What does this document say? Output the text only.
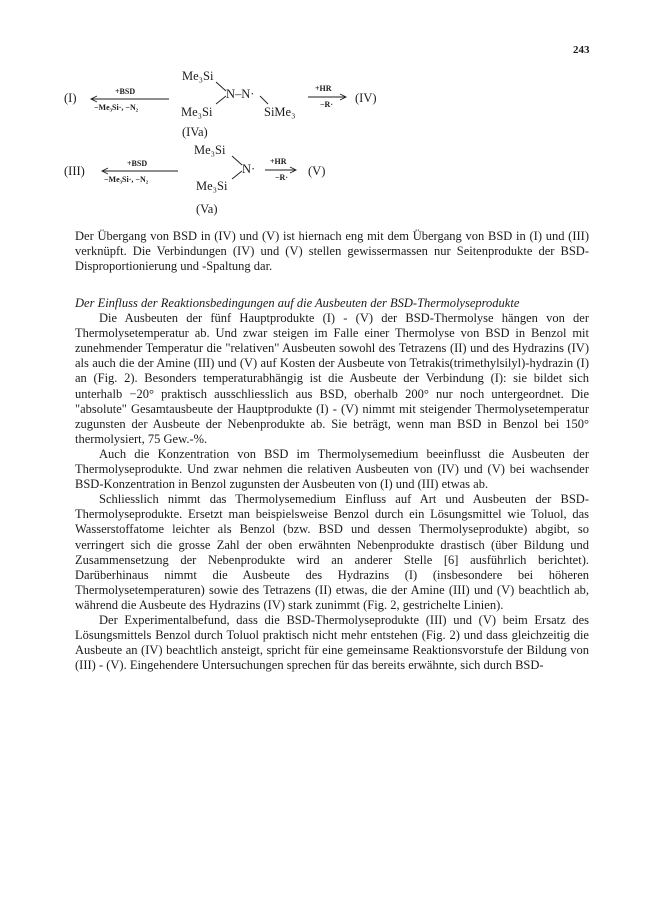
243
(I)	+BSD
−Me₃Si·, −N₂
Me₃Si
N–N·
Me₃Si	SiMe₃
(IVa)
+HR
−R· (IV)
(III)
+BSD
−Me₃Si·, −N₂
Me₃Si
N·
Me₃Si
(Va)
+HR
−R· (V)

Der Übergang von BSD in (IV) und (V) ist hiernach eng mit dem Übergang von BSD in (I) und (III) verknüpft. Die Verbindungen (IV) und (V) stellen gewissermassen nur Seitenprodukte der BSD-Disproportionierung und -Spaltung dar.

Der Einfluss der Reaktionsbedingungen auf die Ausbeuten der BSD-Thermolyseprodukte

Die Ausbeuten der fünf Hauptprodukte (I) - (V) der BSD-Thermolyse hängen von der Thermolysetemperatur ab. Und zwar steigen im Falle einer Thermolyse von BSD in Benzol mit zunehmender Temperatur die "relativen" Ausbeuten sowohl des Tetrazens (II) und des Hydrazins (IV) als auch die der Amine (III) und (V) auf Kosten der Ausbeute von Tetrakis(trimethylsilyl)-hydrazin (I) an (Fig. 2). Besonders temperaturabhängig ist die Ausbeute der Verbindung (I): sie bildet sich unterhalb −20° praktisch ausschliesslich aus BSD, oberhalb 200° nur noch untergeordnet. Die "absolute" Gesamtausbeute der Hauptprodukte (I) - (V) nimmt mit steigender Thermolysetemperatur zugunsten der Ausbeute der Nebenprodukte ab. Sie beträgt, wenn man BSD in Benzol bei 150° thermolysiert, 75 Gew.-%.

Auch die Konzentration von BSD im Thermolysemedium beeinflusst die Ausbeuten der Thermolyseprodukte. Und zwar nehmen die relativen Ausbeuten von (IV) und (V) bei wachsender BSD-Konzentration in Benzol zugunsten der Ausbeuten von (I) und (III) etwas ab.

Schliesslich nimmt das Thermolysemedium Einfluss auf Art und Ausbeuten der BSD-Thermolyseprodukte. Ersetzt man beispielsweise Benzol durch ein Lösungsmittel wie Toluol, das Wasserstoffatome leichter als Benzol (bzw. BSD und dessen Thermolyseprodukte) abgibt, so verringert sich die grosse Zahl der oben erwähnten Nebenprodukte drastisch (über Bildung und Zusammensetzung der Nebenprodukte wird an anderer Stelle [6] ausführlich berichtet). Darüberhinaus nimmt die Ausbeute des Hydrazins (I) (insbesondere bei höheren Thermolysetemperaturen) sowie des Tetrazens (II) etwas, die der Amine (III) und (V) beachtlich ab, während die Ausbeute des Hydrazins (IV) stark zunimmt (Fig. 2, gestrichelte Linien).

Der Experimentalbefund, dass die BSD-Thermolyseprodukte (III) und (V) beim Ersatz des Lösungsmittels Benzol durch Toluol praktisch nicht mehr entstehen (Fig. 2) und dass gleichzeitig die Ausbeute an (IV) beachtlich ansteigt, spricht für eine gemeinsame Reaktionsvorstufe der Bildung von (III) - (V). Eingehendere Untersuchungen sprechen für das bereits erwähnte, sich durch BSD-
